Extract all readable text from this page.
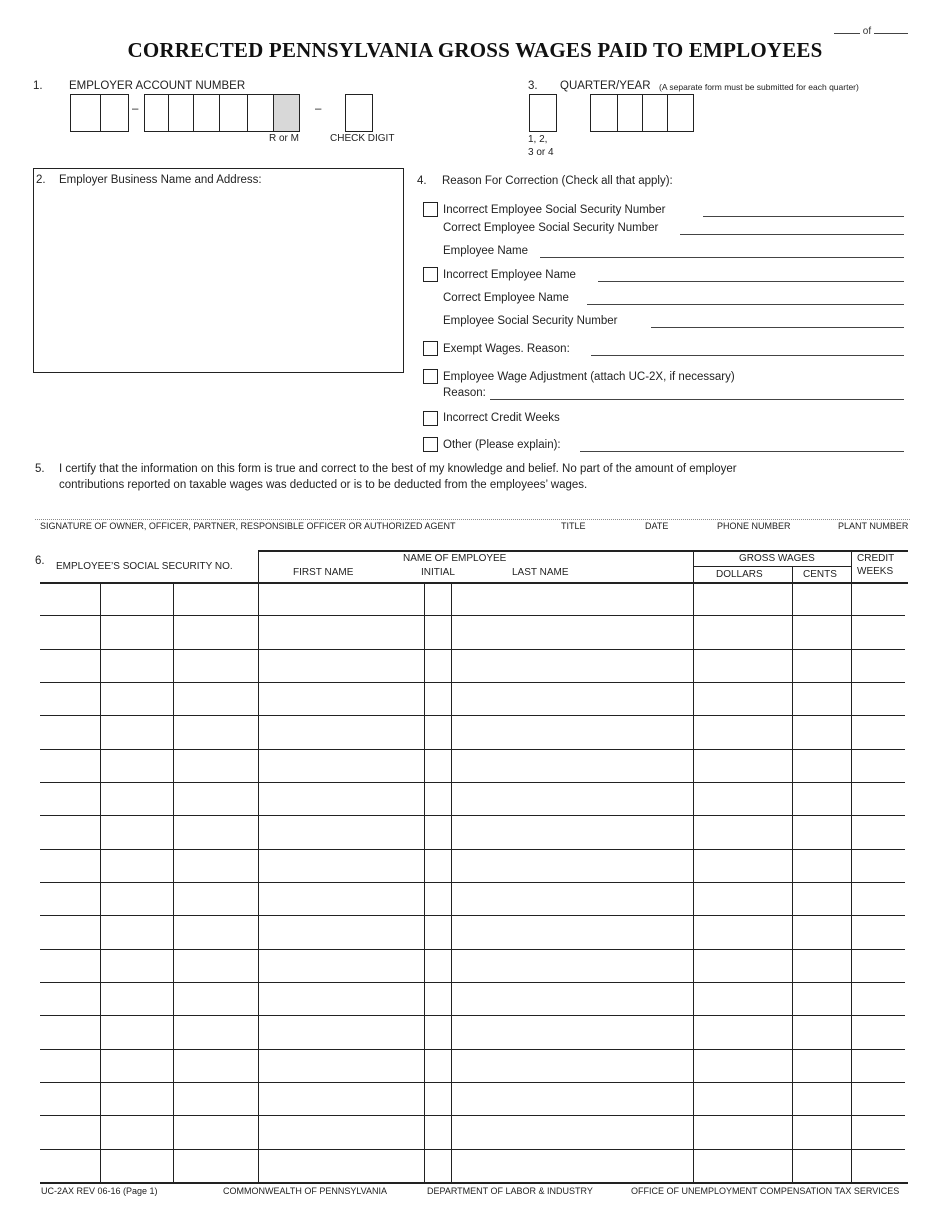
of
CORRECTED PENNSYLVANIA GROSS WAGES PAID TO EMPLOYEES
1. EMPLOYER ACCOUNT NUMBER
–	–
R or M	CHECK DIGIT
3. QUARTER/YEAR (A separate form must be submitted for each quarter)
1, 2,
3 or 4
2. Employer Business Name and Address:	4. Reason For Correction (Check all that apply):
Incorrect Employee Social Security Number
Correct Employee Social Security Number
Employee Name
Incorrect Employee Name
Correct Employee Name
Employee Social Security Number
Exempt Wages. Reason:
Employee Wage Adjustment (attach UC-2X, if necessary)
Reason:
Incorrect Credit Weeks
Other (Please explain):
5. I certify that the information on this form is true and correct to the best of my knowledge and belief. No part of the amount of employer
contributions reported on taxable wages was deducted or is to be deducted from the employees’ wages.
SIGNATURE OF OWNER, OFFICER, PARTNER, RESPONSIBLE OFFICER OR AUTHORIZED AGENT	TITLE	DATE	PHONE NUMBER	PLANT NUMBER
6. EMPLOYEE’S SOCIAL SECURITY NO.
NAME OF EMPLOYEE
FIRST NAME	INITIAL	LAST NAME
GROSS WAGES
DOLLARS	CENTS
CREDIT
WEEKS
UC-2AX REV 06-16 (Page 1)	COMMONWEALTH OF PENNSYLVANIA	DEPARTMENT OF LABOR & INDUSTRY	OFFICE OF UNEMPLOYMENT COMPENSATION TAX SERVICES
